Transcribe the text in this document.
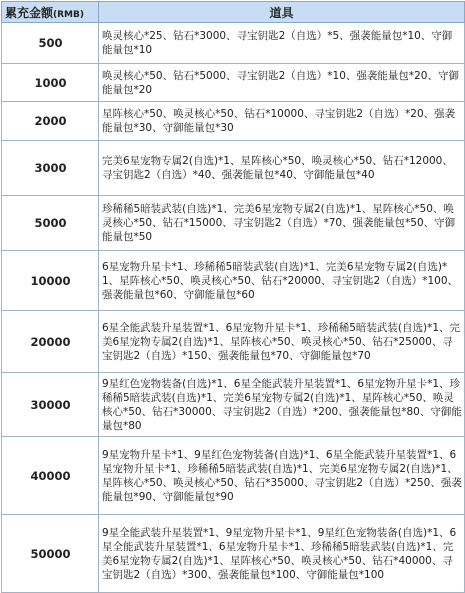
累充金额(RMB)	道具
500	唤灵核心*25、钻石*3000、寻宝钥匙2（自选）*5、强袭能量包*10、守御能量包*10
1000	唤灵核心*50、钻石*5000、寻宝钥匙2（自选）*10、强袭能量包*20、守御能量包*20
2000	星阵核心*50、唤灵核心*50、钻石*10000、寻宝钥匙2（自选）*20、强袭能量包*30、守御能量包*30
3000	完美6星宠物专属2(自选)*1、星阵核心*50、唤灵核心*50、钻石*12000、寻宝钥匙2（自选）*40、强袭能量包*40、守御能量包*40
5000	珍稀稀5暗装武装(自选)*1、完美6星宠物专属2(自选)*1、星阵核心*50、唤灵核心*50、钻石*15000、寻宝钥匙2（自选）*70、强袭能量包*50、守御能量包*50
10000	6星宠物升星卡*1、珍稀稀5暗装武装(自选)*1、完美6星宠物专属2(自选)*1、星阵核心*50、唤灵核心*50、钻石*20000、寻宝钥匙2（自选）*100、强袭能量包*60、守御能量包*60
20000	6星全能武装升星装置*1、6星宠物升星卡*1、珍稀稀5暗装武装(自选)*1、完美6星宠物专属2(自选)*1、星阵核心*50、唤灵核心*50、钻石*25000、寻宝钥匙2（自选）*150、强袭能量包*70、守御能量包*70
30000	9星红色宠物装备(自选)*1、6星全能武装升星装置*1、6星宠物升星卡*1、珍稀稀5暗装武装(自选)*1、完美6星宠物专属2(自选)*1、星阵核心*50、唤灵核心*50、钻石*30000、寻宝钥匙2（自选）*200、强袭能量包*80、守御能量包*80
40000	9星宠物升星卡*1、9星红色宠物装备(自选)*1、6星全能武装升星装置*1、6星宠物升星卡*1、珍稀稀5暗装武装(自选)*1、完美6星宠物专属2(自选)*1、星阵核心*50、唤灵核心*50、钻石*35000、寻宝钥匙2（自选）*250、强袭能量包*90、守御能量包*90
50000	9星全能武装升星装置*1、9星宠物升星卡*1、9星红色宠物装备(自选)*1、6星全能武装升星装置*1、6星宠物升星卡*1、珍稀稀5暗装武装(自选)*1、完美6星宠物专属2(自选)*1、星阵核心*50、唤灵核心*50、钻石*40000、寻宝钥匙2（自选）*300、强袭能量包*100、守御能量包*100
